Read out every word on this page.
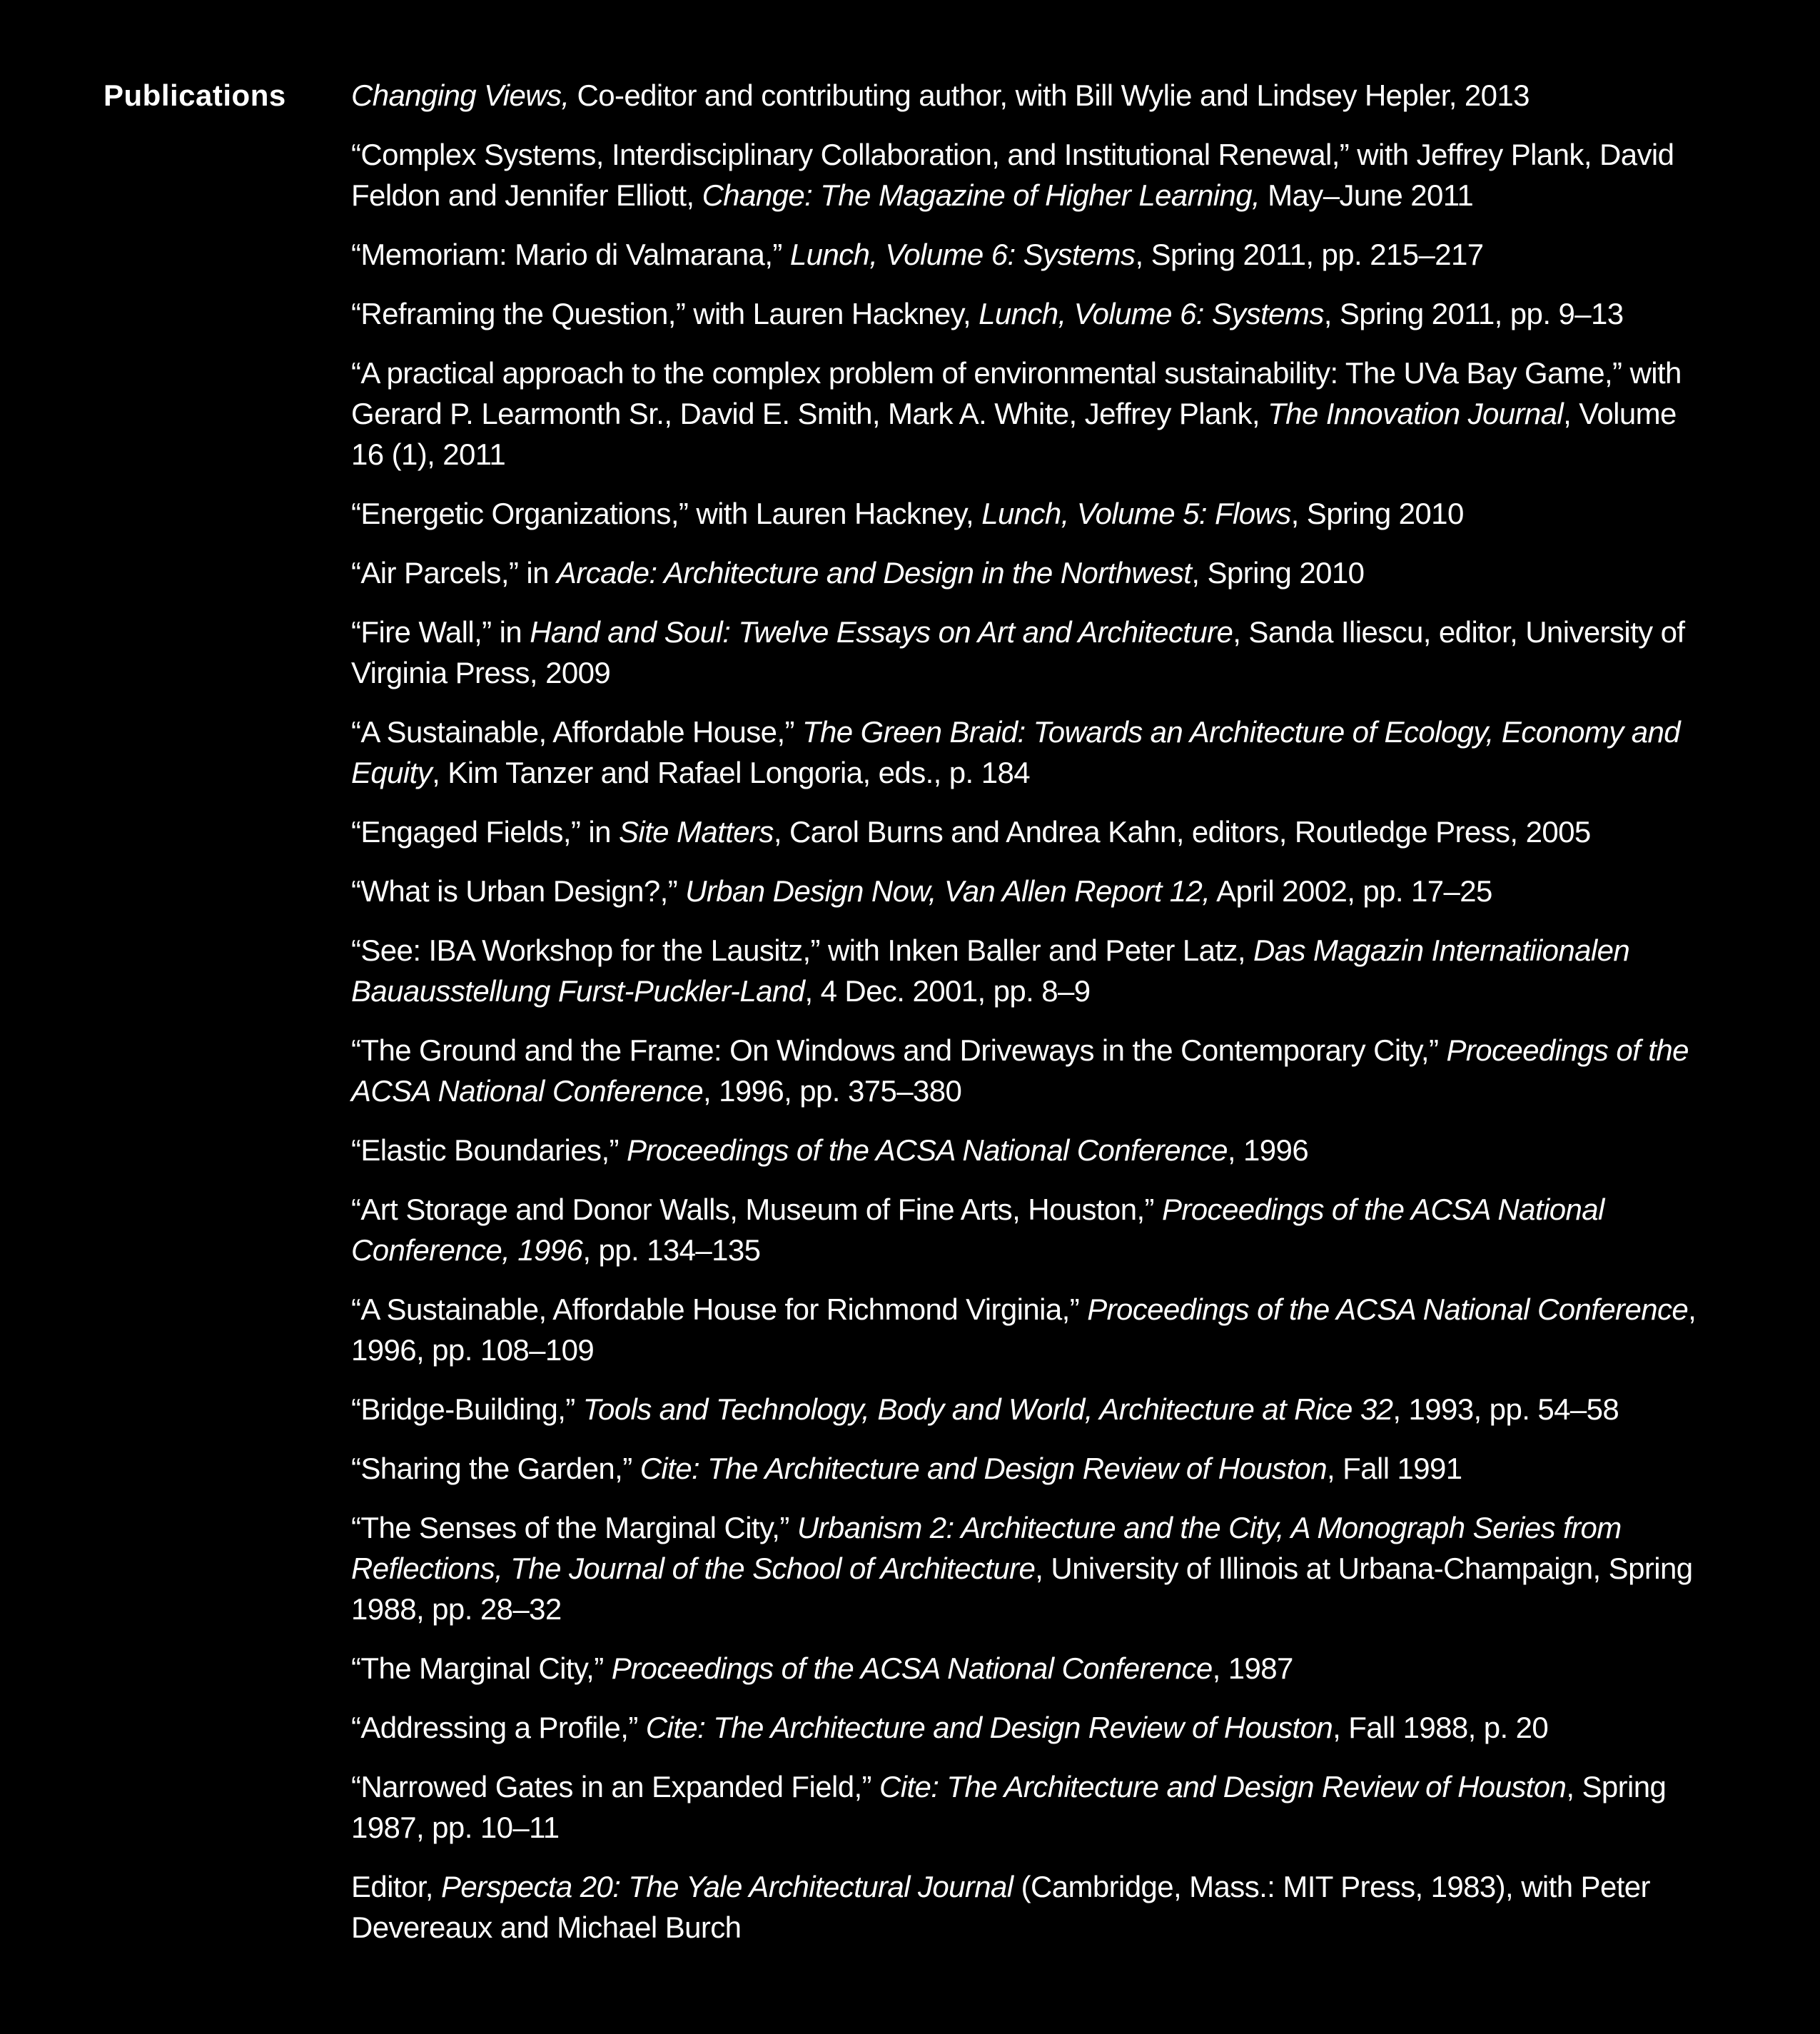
Publications Changing Views, Co-editor and contributing author, with Bill Wylie and Lindsey Hepler, 2013
“Complex Systems, Interdisciplinary Collaboration, and Institutional Renewal,” with Jeffrey Plank, David Feldon and Jennifer Elliott, Change: The Magazine of Higher Learning, May–June 2011
“Memoriam: Mario di Valmarana,” Lunch, Volume 6: Systems, Spring 2011, pp. 215–217
“Reframing the Question,” with Lauren Hackney, Lunch, Volume 6: Systems, Spring 2011, pp. 9–13
“A practical approach to the complex problem of environmental sustainability: The UVa Bay Game,” with Gerard P. Learmonth Sr., David E. Smith, Mark A. White, Jeffrey Plank, The Innovation Journal, Volume 16 (1), 2011
“Energetic Organizations,” with Lauren Hackney, Lunch, Volume 5: Flows, Spring 2010
“Air Parcels,” in Arcade: Architecture and Design in the Northwest, Spring 2010
“Fire Wall,” in Hand and Soul: Twelve Essays on Art and Architecture, Sanda Iliescu, editor, University of Virginia Press, 2009
“A Sustainable, Affordable House,” The Green Braid: Towards an Architecture of Ecology, Economy and Equity, Kim Tanzer and Rafael Longoria, eds., p. 184
“Engaged Fields,” in Site Matters, Carol Burns and Andrea Kahn, editors, Routledge Press, 2005
“What is Urban Design?,” Urban Design Now, Van Allen Report 12, April 2002, pp. 17–25
“See: IBA Workshop for the Lausitz,” with Inken Baller and Peter Latz, Das Magazin Internatiionalen Bauausstellung Furst-Puckler-Land, 4 Dec. 2001, pp. 8–9
“The Ground and the Frame: On Windows and Driveways in the Contemporary City,” Proceedings of the ACSA National Conference, 1996, pp. 375–380
“Elastic Boundaries,” Proceedings of the ACSA National Conference, 1996
“Art Storage and Donor Walls, Museum of Fine Arts, Houston,” Proceedings of the ACSA National Conference, 1996, pp. 134–135
“A Sustainable, Affordable House for Richmond Virginia,” Proceedings of the ACSA National Conference, 1996, pp. 108–109
“Bridge-Building,” Tools and Technology, Body and World, Architecture at Rice 32, 1993, pp. 54–58
“Sharing the Garden,” Cite: The Architecture and Design Review of Houston, Fall 1991
“The Senses of the Marginal City,” Urbanism 2: Architecture and the City, A Monograph Series from Reflections, The Journal of the School of Architecture, University of Illinois at Urbana-Champaign, Spring 1988, pp. 28–32
“The Marginal City,” Proceedings of the ACSA National Conference, 1987
“Addressing a Profile,” Cite: The Architecture and Design Review of Houston, Fall 1988, p. 20
“Narrowed Gates in an Expanded Field,” Cite: The Architecture and Design Review of Houston, Spring 1987, pp. 10–11
Editor, Perspecta 20: The Yale Architectural Journal (Cambridge, Mass.: MIT Press, 1983), with Peter Devereaux and Michael Burch
